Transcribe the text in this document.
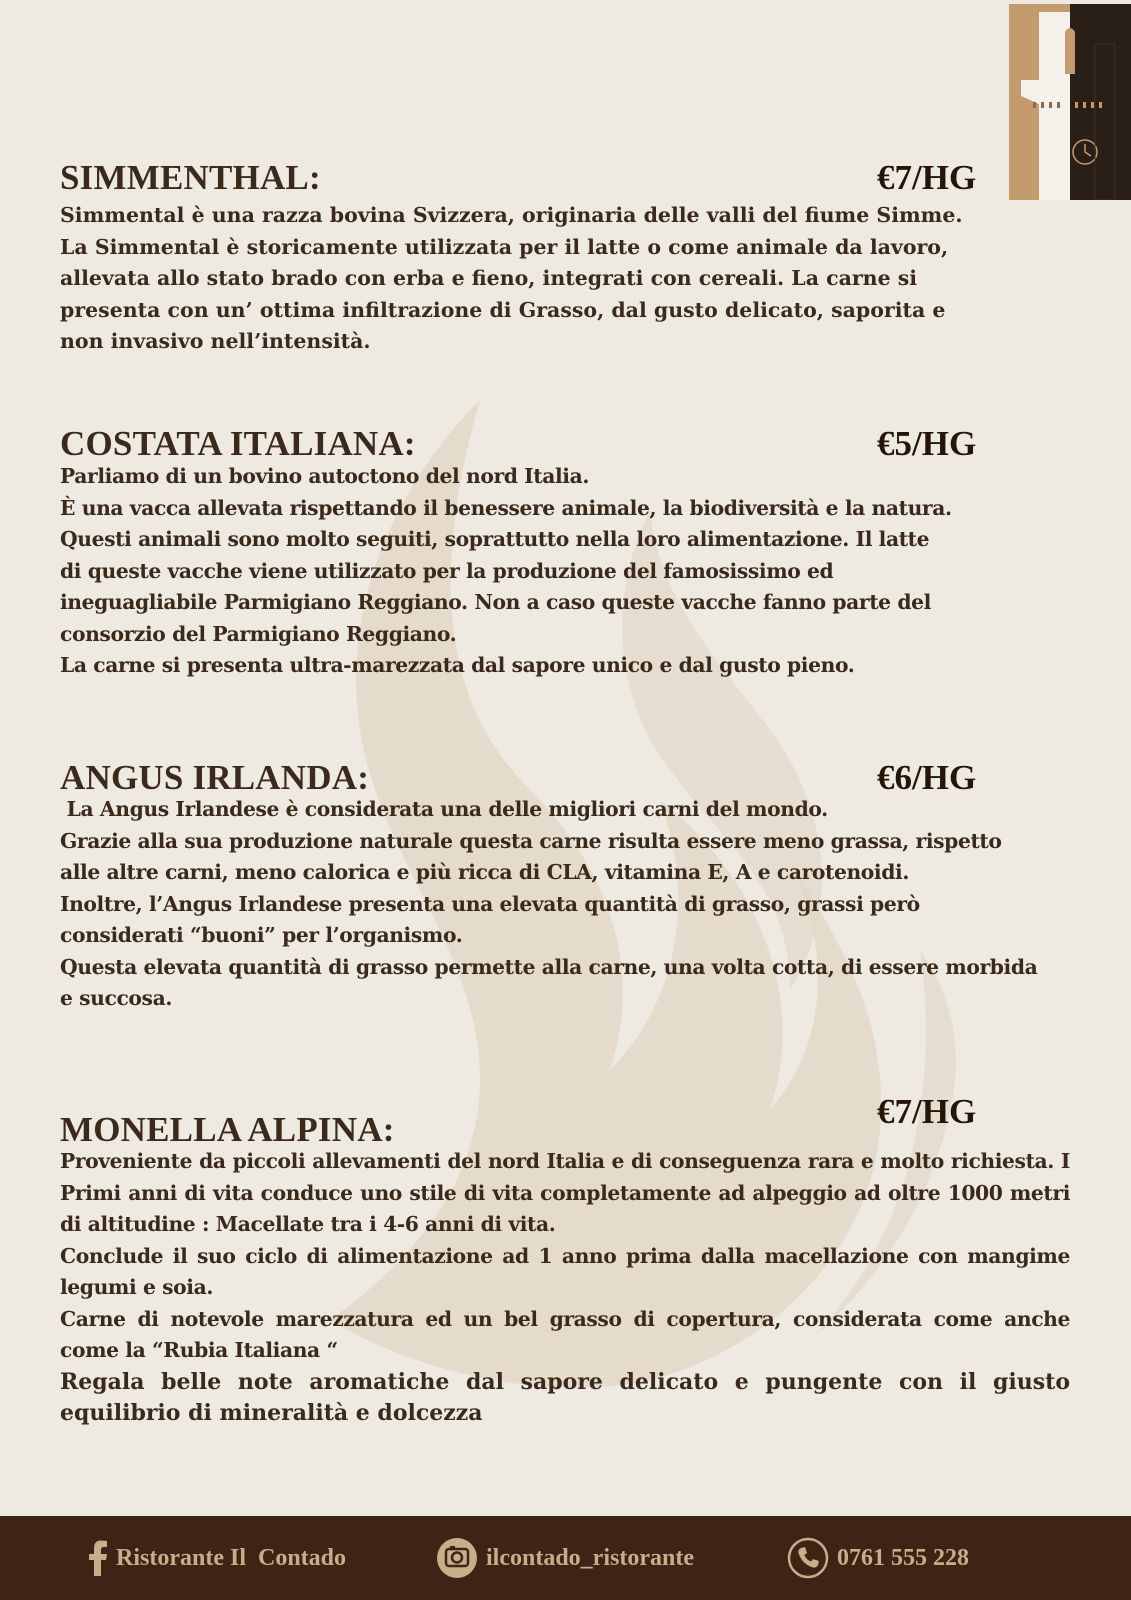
SIMMENTHAL:	€7/HG

Simmental è una razza bovina Svizzera, originaria delle valli del fiume Simme.

La Simmental è storicamente utilizzata per il latte o come animale da lavoro,

allevata allo stato brado con erba e fieno, integrati con cereali. La carne si

presenta con un’ ottima infiltrazione di Grasso, dal gusto delicato, saporita e

non invasivo nell’intensità.

COSTATA ITALIANA:	€5/HG

Parliamo di un bovino autoctono del nord Italia.

È una vacca allevata rispettando il benessere animale, la biodiversità e la natura.

Questi animali sono molto seguiti, soprattutto nella loro alimentazione. Il latte

di queste vacche viene utilizzato per la produzione del famosissimo ed

ineguagliabile Parmigiano Reggiano. Non a caso queste vacche fanno parte del

consorzio del Parmigiano Reggiano.

La carne si presenta ultra-marezzata dal sapore unico e dal gusto pieno.

ANGUS IRLANDA:	€6/HG

La Angus Irlandese è considerata una delle migliori carni del mondo.

Grazie alla sua produzione naturale questa carne risulta essere meno grassa, rispetto

alle altre carni, meno calorica e più ricca di CLA, vitamina E, A e carotenoidi.

Inoltre, l’Angus Irlandese presenta una elevata quantità di grasso, grassi però

considerati “buoni” per l’organismo.

Questa elevata quantità di grasso permette alla carne, una volta cotta, di essere morbida

e succosa.

MONELLA ALPINA:	€7/HG

Proveniente da piccoli allevamenti del nord Italia e di conseguenza rara e molto richiesta. I Primi anni di vita conduce uno stile di vita completamente ad alpeggio ad oltre 1000 metri di altitudine : Macellate tra i 4-6 anni di vita.

Conclude il suo ciclo di alimentazione ad 1 anno prima dalla macellazione con mangime legumi e soia.

Carne di notevole marezzatura ed un bel grasso di copertura, considerata come anche come la “Rubia Italiana “

Regala belle note aromatiche dal sapore delicato e pungente con il giusto equilibrio di mineralità e dolcezza

Ristorante Il  Contado	ilcontado_ristorante	0761 555 228
